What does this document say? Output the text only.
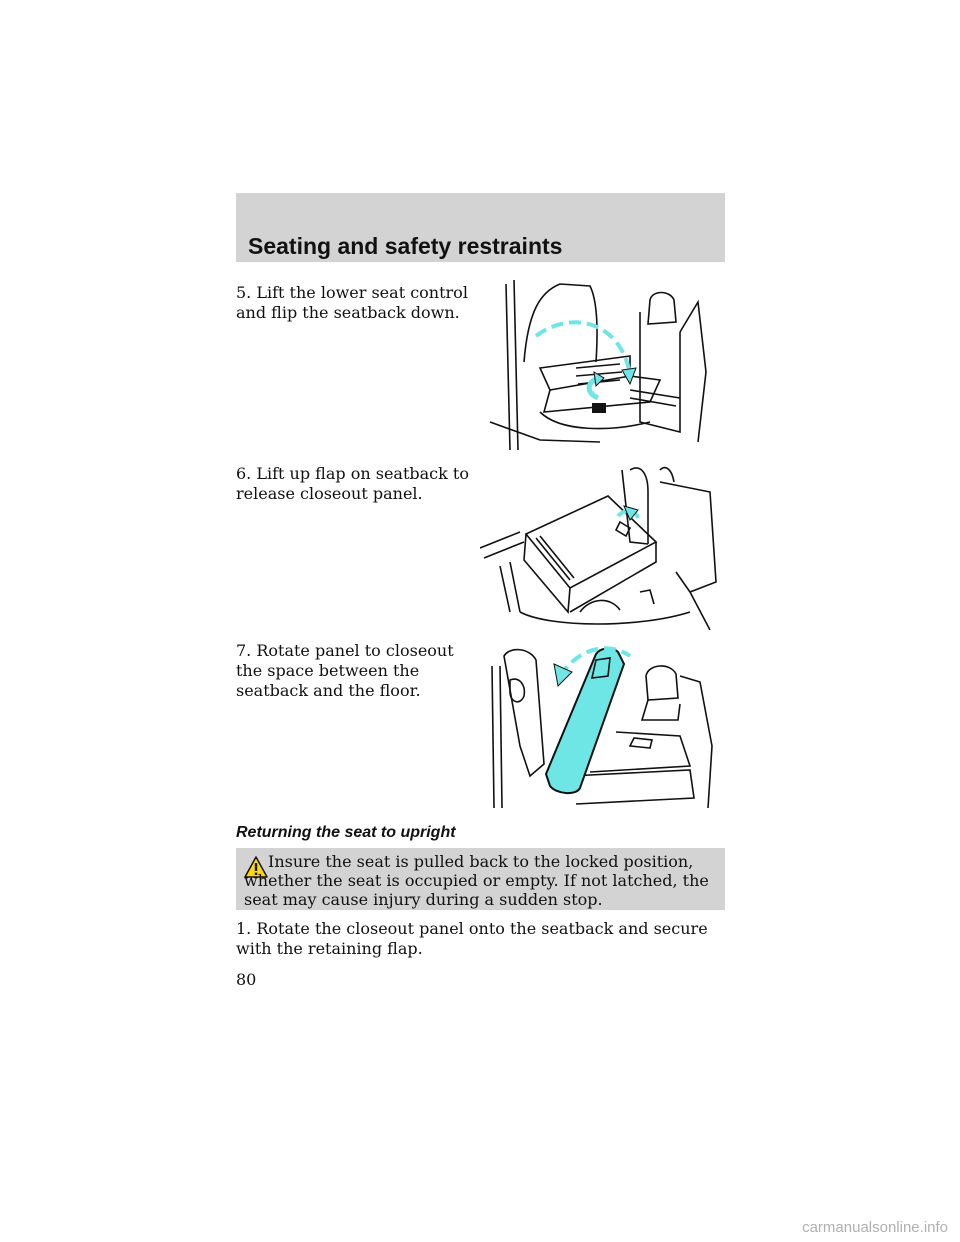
Seating and safety restraints

5. Lift the lower seat control and flip the seatback down.

6. Lift up flap on seatback to release closeout panel.

7. Rotate panel to closeout the space between the seatback and the floor.

Returning the seat to upright

Insure the seat is pulled back to the locked position, whether the seat is occupied or empty. If not latched, the seat may cause injury during a sudden stop.

1. Rotate the closeout panel onto the seatback and secure with the retaining flap.

80

carmanualsonline.info
